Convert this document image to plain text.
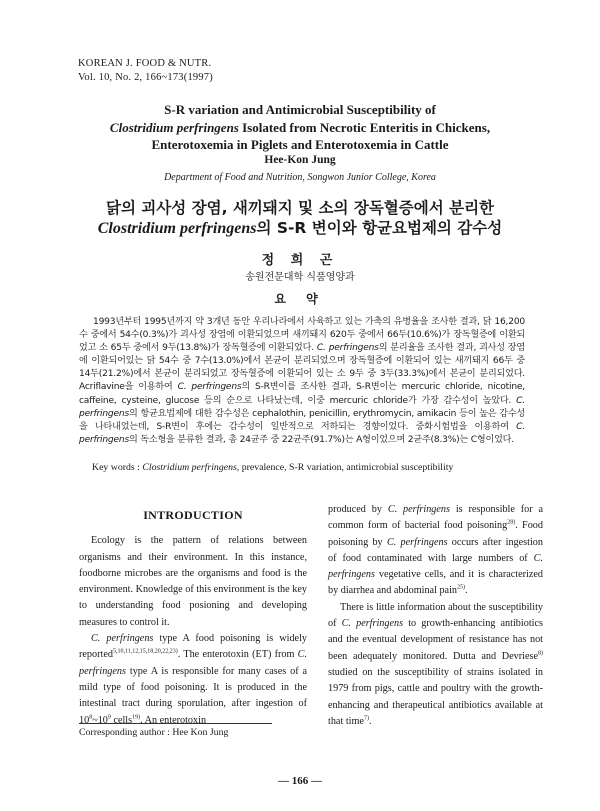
KOREAN J. FOOD & NUTR.
Vol. 10, No. 2, 166~173(1997)
S-R variation and Antimicrobial Susceptibility of
Clostridium perfringens Isolated from Necrotic Enteritis in Chickens,
Enterotoxemia in Piglets and Enterotoxemia in Cattle
Hee-Kon Jung
Department of Food and Nutrition, Songwon Junior College, Korea
닭의 괴사성 장염, 새끼돼지 및 소의 장독혈증에서 분리한
Clostridium perfringens의 S-R 변이와 항균요법제의 감수성
정 희 곤
송원전문대학 식품영양과
요 약
1993년부터 1995년까지 약 3개년 동안 우리나라에서 사육하고 있는 가축의 유병율을 조사한 결과, 닭 16,200수 중에서 54수(0.3%)가 괴사성 장염에 이환되었으며 새끼돼지 620두 중에서 66두(10.6%)가 장독혈증에 이환되었고 소 65두 중에서 9두(13.8%)가 장독혈증에 이환되었다. C. perfringens의 분리율을 조사한 결과, 괴사성 장염에 이환되어있는 닭 54수 중 7수(13.0%)에서 본균이 분리되었으며 장독혈증에 이환되어 있는 새끼돼지 66두 중 14두(21.2%)에서 본균이 분리되었고 장독혈증에 이환되어 있는 소 9두 중 3두(33.3%)에서 본균이 분리되었다. Acriflavine을 이용하여 C. perfringens의 S-R변이를 조사한 결과, S-R변이는 mercuric chloride, nicotine, caffeine, cysteine, glucose 등의 순으로 나타났는데, 이중 mercuric chloride가 가장 감수성이 높았다. C. perfringens의 항균요법제에 대한 감수성은 cephalothin, penicillin, erythromycin, amikacin 등이 높은 감수성을 나타내었는데, S-R변이 후에는 감수성이 일반적으로 저하되는 경향이었다. 중화시험법을 이용하여 C. perfringens의 독소형을 분류한 결과, 총 24균주 중 22균주(91.7%)는 A형이었으며 2균주(8.3%)는 C형이었다.
Key words : Clostridium perfringens, prevalence, S-R variation, antimicrobial susceptibility
INTRODUCTION

Ecology is the pattern of relations between organisms and their environment. In this instance, foodborne microbes are the organisms and food is the environment. Knowledge of this environment is the key to understanding food posioning and developing measures to control it.

C. perfringens type A food poisoning is widely reported$^{5,10,11,12,15,18,20,22,23)}$. The enterotoxin (ET) from C. perfringens type A is responsible for many cases of a mild type of food poisoning. It is produced in the intestinal tract during sporulation, after ingestion of $10^8\sim 10^9$ cells$^{19)}$. An enterotoxin

produced by C. perfringens is responsible for a common form of bacterial food poisoning$^{28)}$. Food poisoning by C. perfringens occurs after ingestion of food contaminated with large numbers of C. perfringens vegetative cells, and it is characterized by diarrhea and abdominal pain$^{25)}$.

There is little information about the susceptibility of C. perfringens to growth-enhancing antibiotics and the eventual development of resistance has not been adequately monitored. Dutta and Devriese$^{8)}$ studied on the susceptibility of strains isolated in 1979 from pigs, cattle and poultry with the growth-enhancing and therapeutical antibiotics available at that time$^{7)}$.

Corresponding author : Hee Kon Jung
— 166 —
